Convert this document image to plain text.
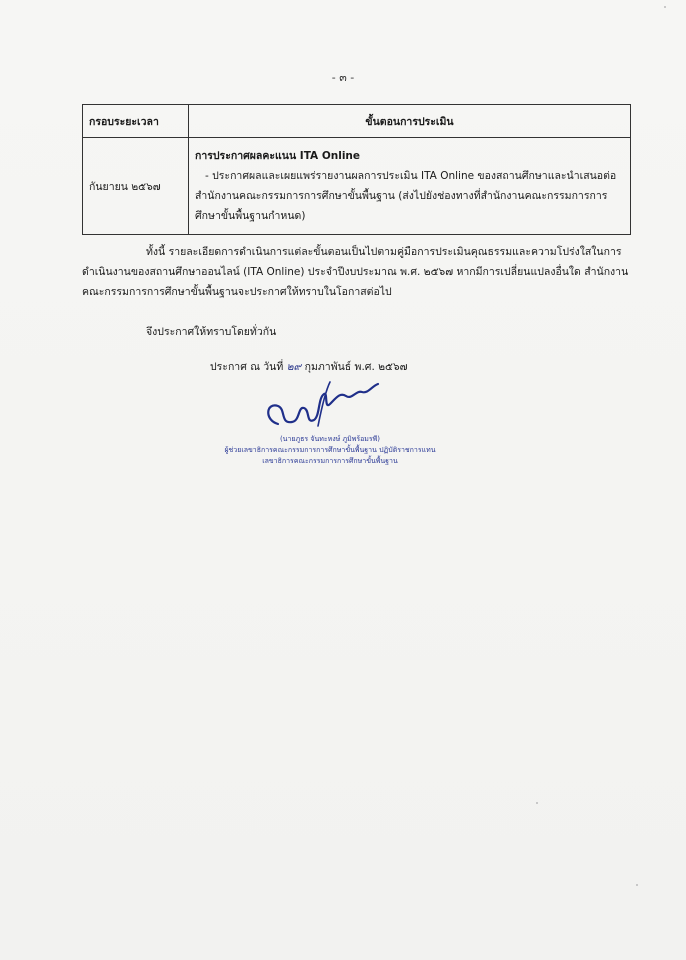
- ๓ -
กรอบระยะเวลา	ขั้นตอนการประเมิน
กันยายน ๒๕๖๗	การประกาศผลคะแนน ITA Online
- ประกาศผลและเผยแพร่รายงานผลการประเมิน ITA Online ของสถานศึกษาและนำเสนอต่อสำนักงานคณะกรรมการการศึกษาขั้นพื้นฐาน (ส่งไปยังช่องทางที่สำนักงานคณะกรรมการการศึกษาขั้นพื้นฐานกำหนด)
ทั้งนี้ รายละเอียดการดำเนินการแต่ละขั้นตอนเป็นไปตามคู่มือการประเมินคุณธรรมและความโปร่งใสในการดำเนินงานของสถานศึกษาออนไลน์ (ITA Online) ประจำปีงบประมาณ พ.ศ. ๒๕๖๗ หากมีการเปลี่ยนแปลงอื่นใด สำนักงานคณะกรรมการการศึกษาขั้นพื้นฐานจะประกาศให้ทราบในโอกาสต่อไป
จึงประกาศให้ทราบโดยทั่วกัน
ประกาศ ณ วันที่ ๒๙ กุมภาพันธ์ พ.ศ. ๒๕๖๗
(นายภูธร จันทะหงษ์ ภูมิพร้อมรพี)
ผู้ช่วยเลขาธิการคณะกรรมการการศึกษาขั้นพื้นฐาน ปฏิบัติราชการแทน
เลขาธิการคณะกรรมการการศึกษาขั้นพื้นฐาน
